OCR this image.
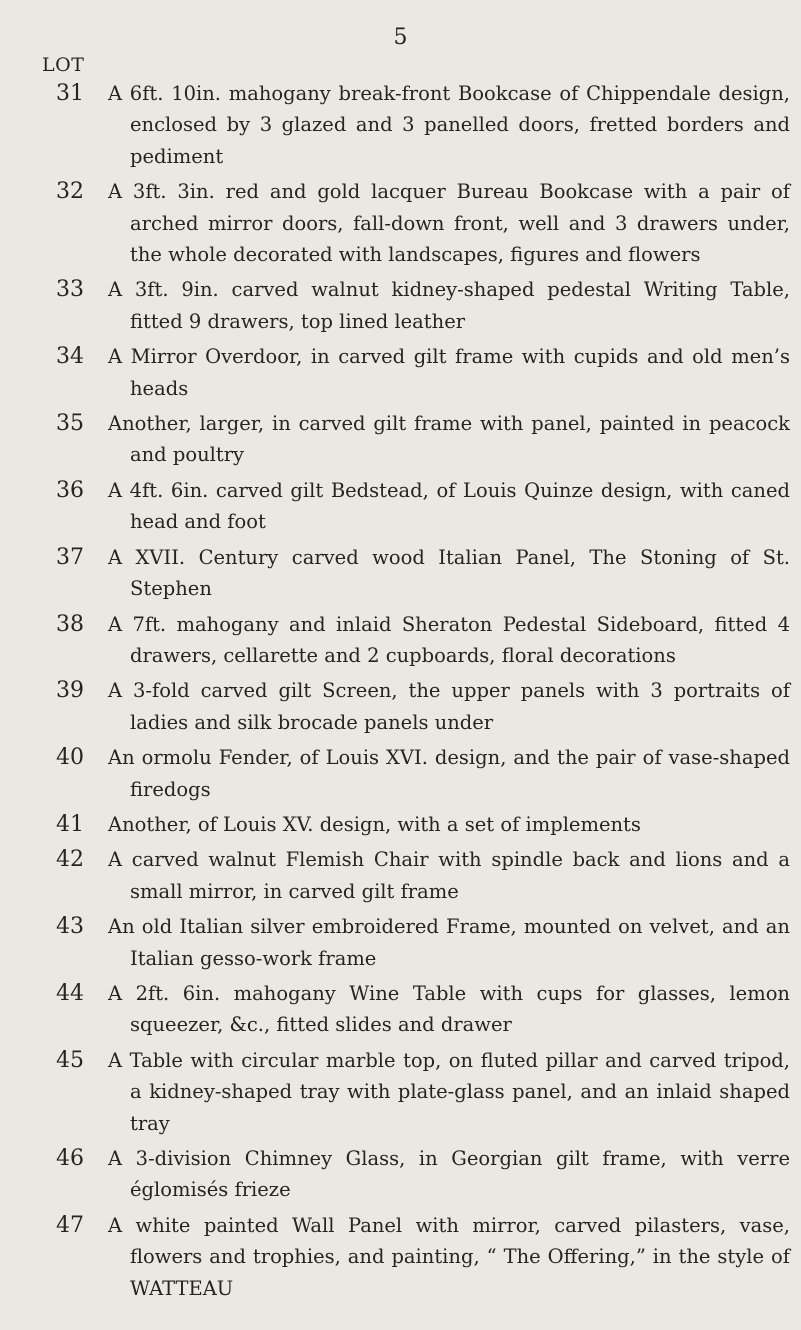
5
LOT
31 A 6ft. 10in. mahogany break-front Bookcase of Chippendale design, enclosed by 3 glazed and 3 panelled doors, fretted borders and pediment
32 A 3ft. 3in. red and gold lacquer Bureau Bookcase with a pair of arched mirror doors, fall-down front, well and 3 drawers under, the whole decorated with landscapes, figures and flowers
33 A 3ft. 9in. carved walnut kidney-shaped pedestal Writing Table, fitted 9 drawers, top lined leather
34 A Mirror Overdoor, in carved gilt frame with cupids and old men’s heads
35 Another, larger, in carved gilt frame with panel, painted in peacock and poultry
36 A 4ft. 6in. carved gilt Bedstead, of Louis Quinze design, with caned head and foot
37 A XVII. Century carved wood Italian Panel, The Stoning of St. Stephen
38 A 7ft. mahogany and inlaid Sheraton Pedestal Sideboard, fitted 4 drawers, cellarette and 2 cupboards, floral decorations
39 A 3-fold carved gilt Screen, the upper panels with 3 portraits of ladies and silk brocade panels under
40 An ormolu Fender, of Louis XVI. design, and the pair of vase-shaped firedogs
41 Another, of Louis XV. design, with a set of implements
42 A carved walnut Flemish Chair with spindle back and lions and a small mirror, in carved gilt frame
43 An old Italian silver embroidered Frame, mounted on velvet, and an Italian gesso-work frame
44 A 2ft. 6in. mahogany Wine Table with cups for glasses, lemon squeezer, &c., fitted slides and drawer
45 A Table with circular marble top, on fluted pillar and carved tripod, a kidney-shaped tray with plate-glass panel, and an inlaid shaped tray
46 A 3-division Chimney Glass, in Georgian gilt frame, with verre églomisés frieze
47 A white painted Wall Panel with mirror, carved pilasters, vase, flowers and trophies, and painting, “ The Offering,” in the style of WATTEAU
